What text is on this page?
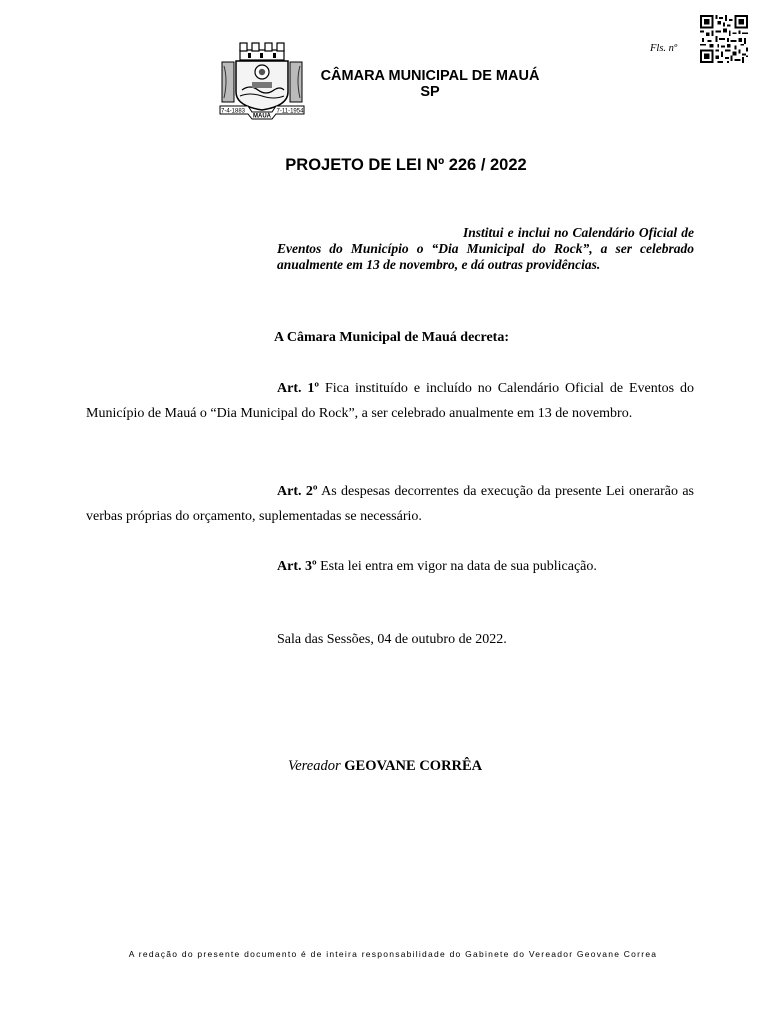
7-4-1883
MAUÁ
7-11-1954
CÂMARA MUNICIPAL DE MAUÁ
SP
Fls. nº
PROJETO DE LEI Nº 226 / 2022
Institui e inclui no Calendário Oficial de Eventos do Município o “Dia Municipal do Rock”, a ser celebrado anualmente em 13 de novembro, e dá outras providências.
A Câmara Municipal de Mauá decreta:
Art. 1º Fica instituído e incluído no Calendário Oficial de Eventos do Município de Mauá o “Dia Municipal do Rock”, a ser celebrado anualmente em 13 de novembro.
Art. 2º As despesas decorrentes da execução da presente Lei onerarão as verbas próprias do orçamento, suplementadas se necessário.
Art. 3º Esta lei entra em vigor na data de sua publicação.
Sala das Sessões, 04 de outubro de 2022.
Vereador GEOVANE CORRÊA
A redação do presente documento é de inteira responsabilidade do Gabinete do Vereador Geovane Correa
